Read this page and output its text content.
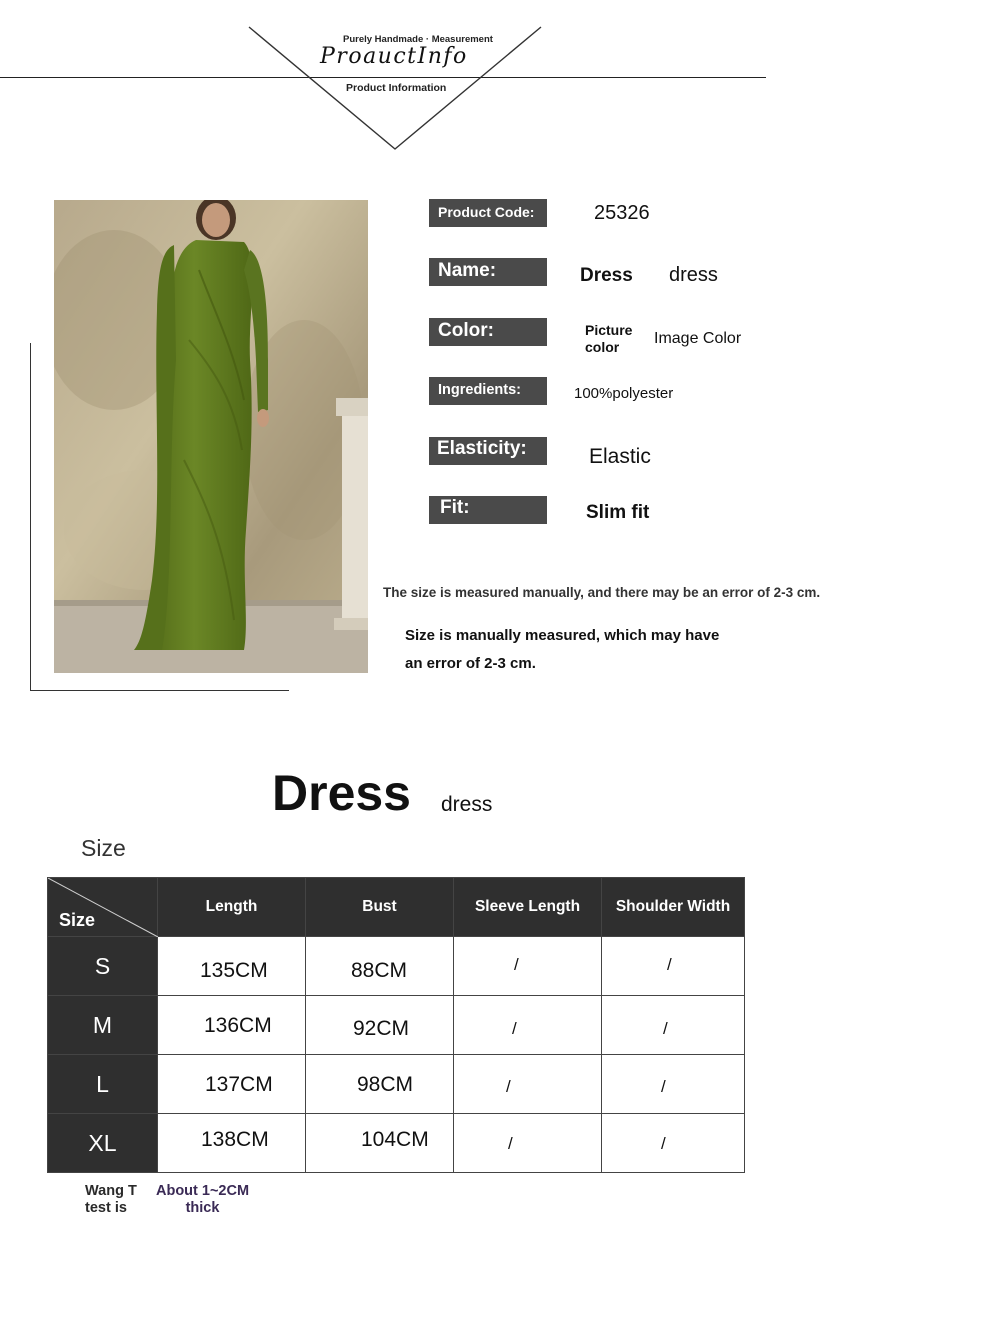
Purely Handmade · Measurement
ProauctInfo
Product Information
Product Code:	25326
Name:	Dress dress
Color:	Picture
color Image Color
Ingredients:	100%polyester
Elasticity:	Elastic
Fit:	Slim fit
The size is measured manually, and there may be an error of 2-3 cm.
Size is manually measured, which may have an error of 2-3 cm.
Dress dress
Size
Size	Length	Bust	Sleeve Length	Shoulder Width
S	135CM	88CM	/	/

M	136CM	92CM	/	/

L	137CM	98CM	/	/

XL	138CM	104CM	/	/
Wang T
test is
About 1~2CM
thick
